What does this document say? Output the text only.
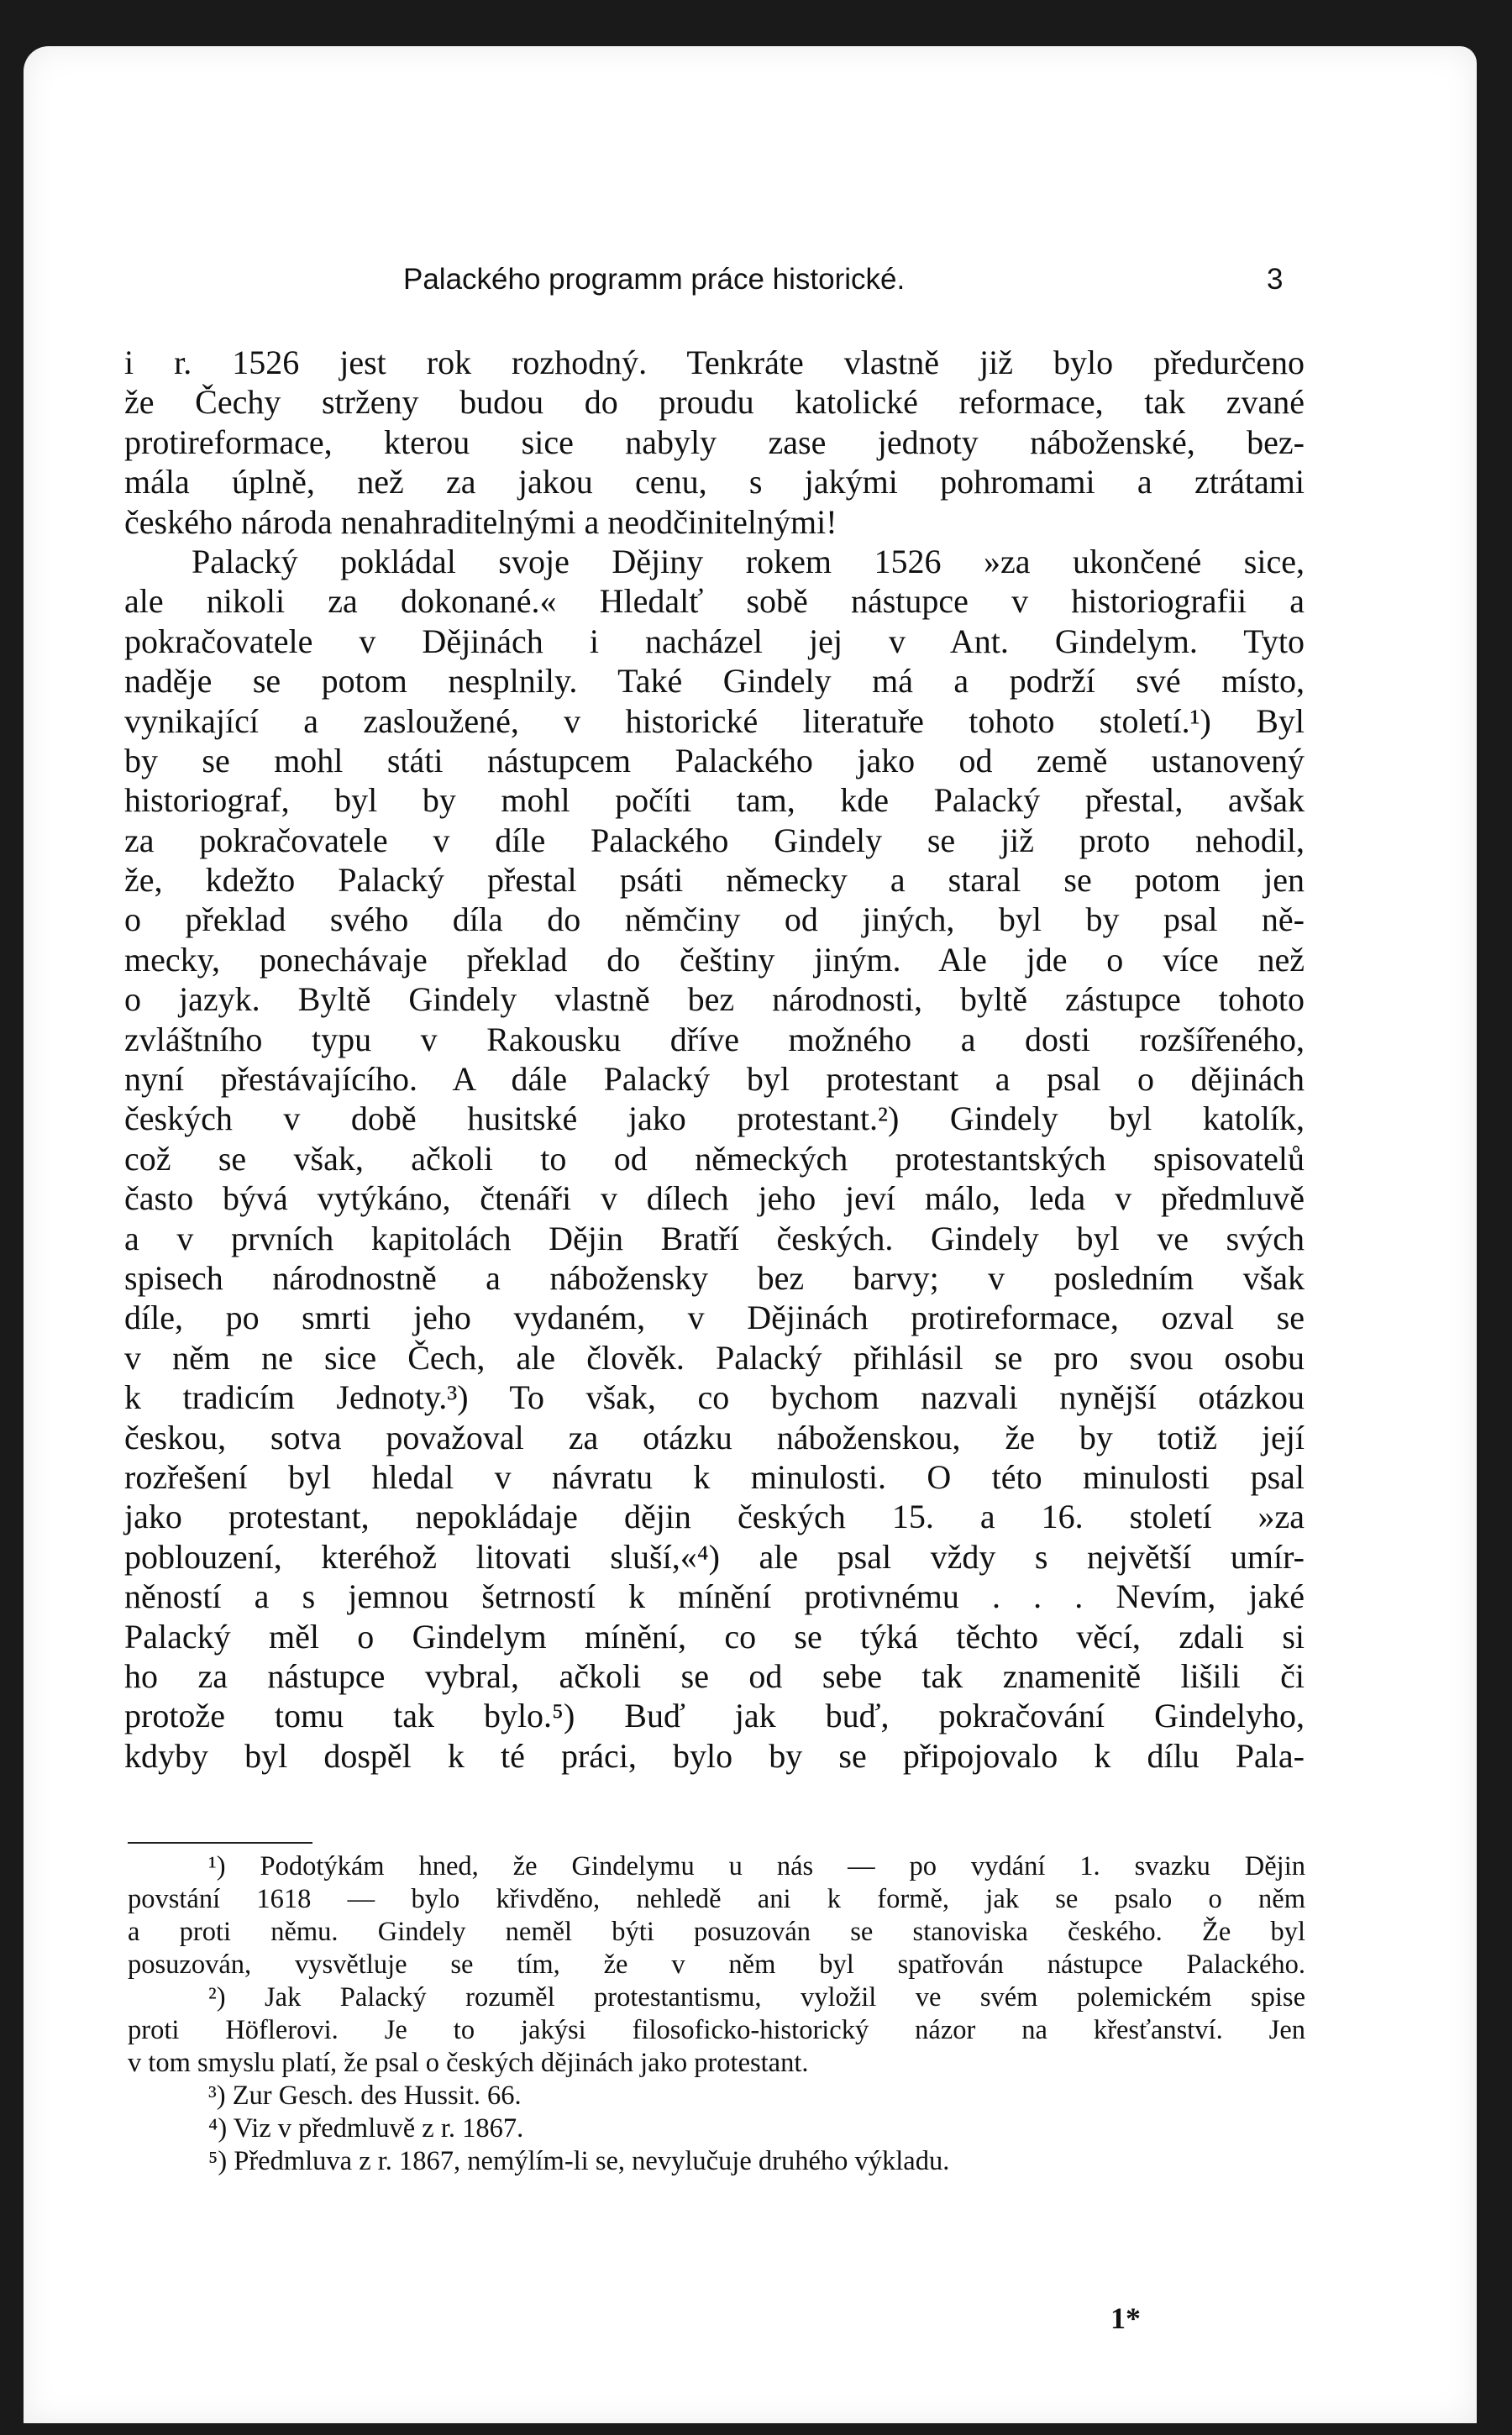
Palackého programm práce historické.	3
i r. 1526 jest rok rozhodný. Tenkráte vlastně již bylo předurčeno
že Čechy strženy budou do proudu katolické reformace, tak zvané
protireformace, kterou sice nabyly zase jednoty náboženské, bez-
mála úplně, než za jakou cenu, s jakými pohromami a ztrátami
českého národa nenahraditelnými a neodčinitelnými!
Palacký pokládal svoje Dějiny rokem 1526 »za ukončené sice,
ale nikoli za dokonané.« Hledalť sobě nástupce v historiografii a
pokračovatele v Dějinách i nacházel jej v Ant. Gindelym. Tyto
naděje se potom nesplnily. Také Gindely má a podrží své místo,
vynikající a zasloužené, v historické literatuře tohoto století.¹) Byl
by se mohl státi nástupcem Palackého jako od země ustanovený
historiograf, byl by mohl počíti tam, kde Palacký přestal, avšak
za pokračovatele v díle Palackého Gindely se již proto nehodil,
že, kdežto Palacký přestal psáti německy a staral se potom jen
o překlad svého díla do němčiny od jiných, byl by psal ně-
mecky, ponechávaje překlad do češtiny jiným. Ale jde o více než
o jazyk. Byltě Gindely vlastně bez národnosti, byltě zástupce tohoto
zvláštního typu v Rakousku dříve možného a dosti rozšířeného,
nyní přestávajícího. A dále Palacký byl protestant a psal o dějinách
českých v době husitské jako protestant.²) Gindely byl katolík,
což se však, ačkoli to od německých protestantských spisovatelů
často bývá vytýkáno, čtenáři v dílech jeho jeví málo, leda v předmluvě
a v prvních kapitolách Dějin Bratří českých. Gindely byl ve svých
spisech národnostně a nábožensky bez barvy; v posledním však
díle, po smrti jeho vydaném, v Dějinách protireformace, ozval se
v něm ne sice Čech, ale člověk. Palacký přihlásil se pro svou osobu
k tradicím Jednoty.³) To však, co bychom nazvali nynější otázkou
českou, sotva považoval za otázku náboženskou, že by totiž její
rozřešení byl hledal v návratu k minulosti. O této minulosti psal
jako protestant, nepokládaje dějin českých 15. a 16. století »za
poblouzení, kteréhož litovati sluší,«⁴) ale psal vždy s největší umír-
něností a s jemnou šetrností k mínění protivnému . . . Nevím, jaké
Palacký měl o Gindelym mínění, co se týká těchto věcí, zdali si
ho za nástupce vybral, ačkoli se od sebe tak znamenitě lišili či
protože tomu tak bylo.⁵) Buď jak buď, pokračování Gindelyho,
kdyby byl dospěl k té práci, bylo by se připojovalo k dílu Pala-
¹) Podotýkám hned, že Gindelymu u nás — po vydání 1. svazku Dějin
povstání 1618 — bylo křivděno, nehledě ani k formě, jak se psalo o něm
a proti němu. Gindely neměl býti posuzován se stanoviska českého. Že byl
posuzován, vysvětluje se tím, že v něm byl spatřován nástupce Palackého.
²) Jak Palacký rozuměl protestantismu, vyložil ve svém polemickém spise
proti Höflerovi. Je to jakýsi filosoficko-historický názor na křesťanství. Jen
v tom smyslu platí, že psal o českých dějinách jako protestant.
³) Zur Gesch. des Hussit. 66.
⁴) Viz v předmluvě z r. 1867.
⁵) Předmluva z r. 1867, nemýlím-li se, nevylučuje druhého výkladu.
1*
